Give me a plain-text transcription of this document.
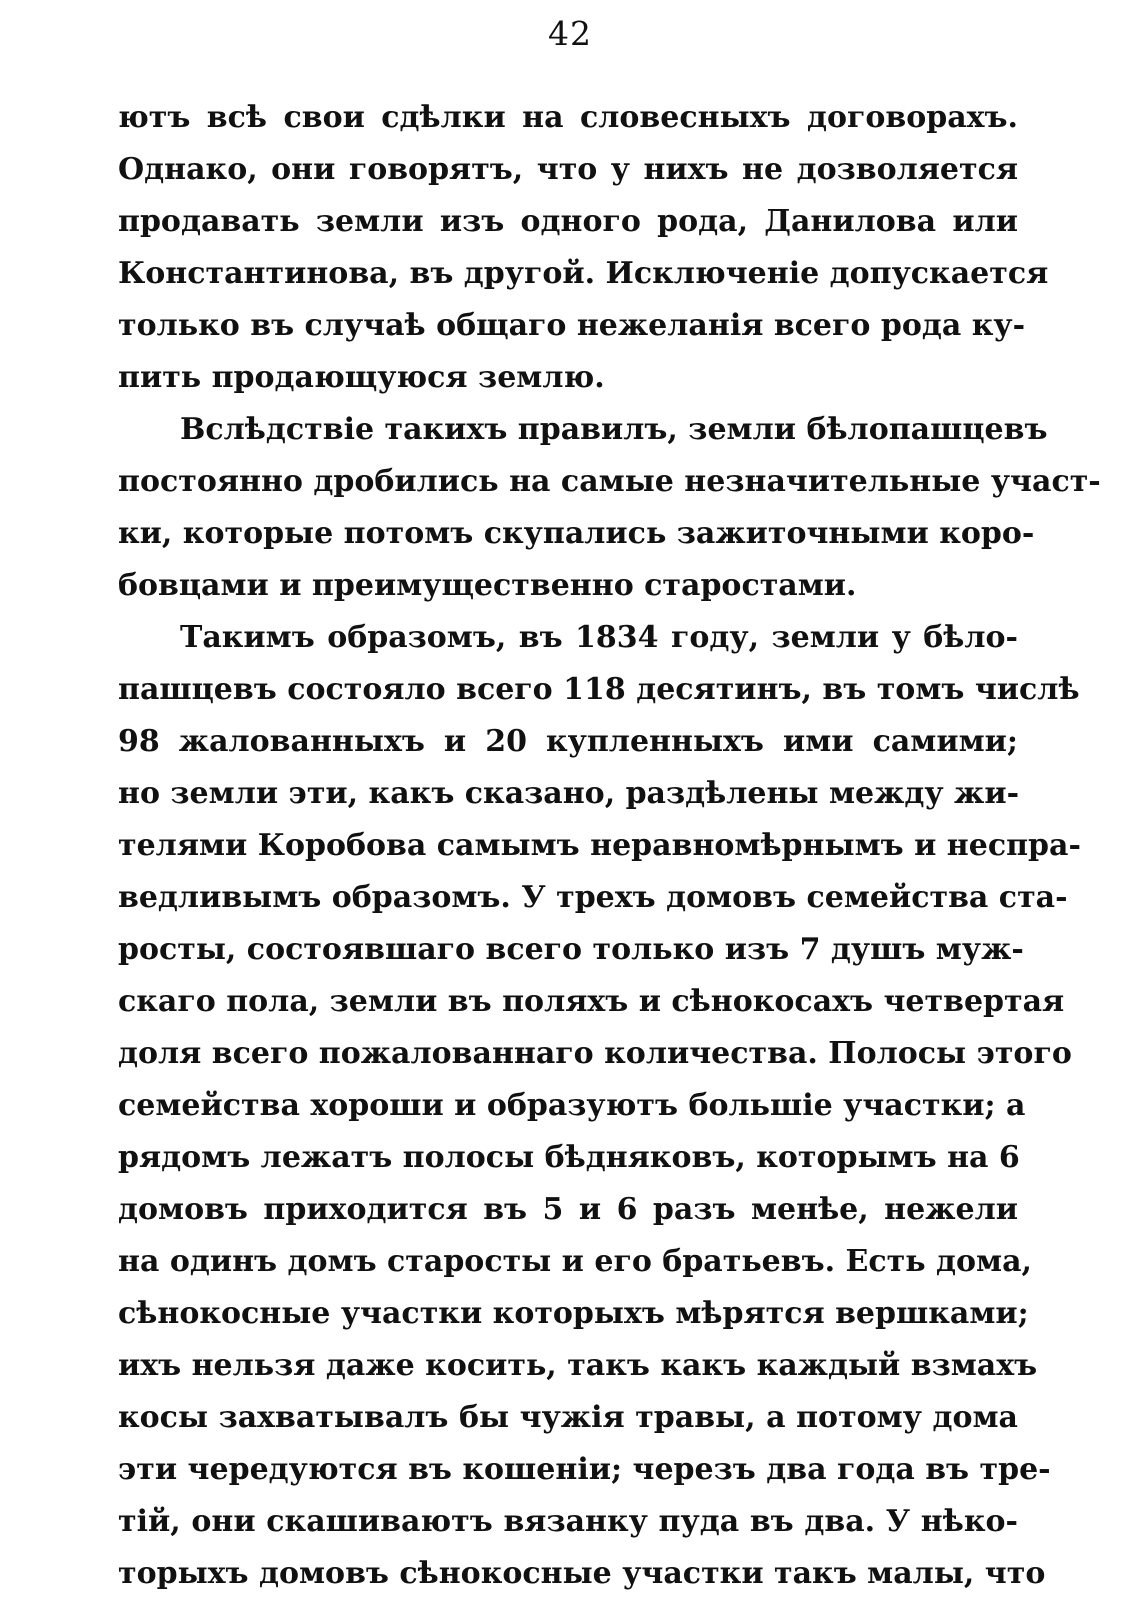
42
ютъ всѣ свои сдѣлки на словесныхъ договорахъ.
Однако, они говорятъ, что у нихъ не дозволяется
продавать земли изъ одного рода, Данилова или
Константинова, въ другой. Исключеніе допускается
только въ случаѣ общаго нежеланія всего рода ку-
пить продающуюся землю.
Вслѣдствіе такихъ правилъ, земли бѣлопашцевъ
постоянно дробились на самые незначительные участ-
ки, которые потомъ скупались зажиточными коро-
бовцами и преимущественно старостами.
Такимъ образомъ, въ 1834 году, земли у бѣло-
пашцевъ состояло всего 118 десятинъ, въ томъ числѣ
98 жалованныхъ и 20 купленныхъ ими самими;
но земли эти, какъ сказано, раздѣлены между жи-
телями Коробова самымъ неравномѣрнымъ и неспра-
ведливымъ образомъ. У трехъ домовъ семейства ста-
росты, состоявшаго всего только изъ 7 душъ муж-
скаго пола, земли въ поляхъ и сѣнокосахъ четвертая
доля всего пожалованнаго количества. Полосы этого
семейства хороши и образуютъ большіе участки; а
рядомъ лежатъ полосы бѣдняковъ, которымъ на 6
домовъ приходится въ 5 и 6 разъ менѣе, нежели
на одинъ домъ старосты и его братьевъ. Есть дома,
сѣнокосные участки которыхъ мѣрятся вершками;
ихъ нельзя даже косить, такъ какъ каждый взмахъ
косы захватывалъ бы чужія травы, а потому дома
эти чередуются въ кошеніи; черезъ два года въ тре-
тій, они скашиваютъ вязанку пуда въ два. У нѣко-
торыхъ домовъ сѣнокосные участки такъ малы, что
